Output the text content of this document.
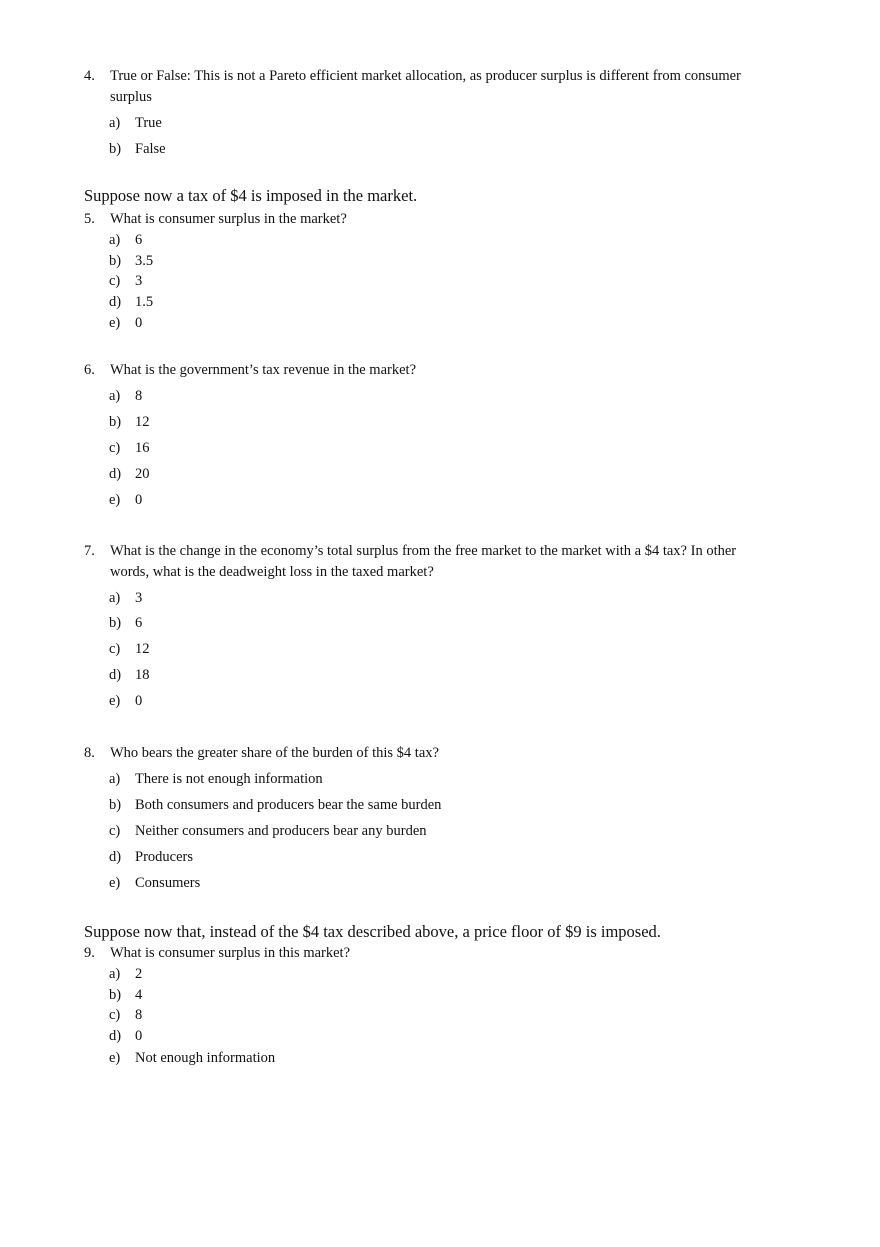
4. True or False: This is not a Pareto efficient market allocation, as producer surplus is different from consumer surplus
a) True
b) False
Suppose now a tax of $4 is imposed in the market.
5. What is consumer surplus in the market?
a) 6
b) 3.5
c) 3
d) 1.5
e) 0
6. What is the government’s tax revenue in the market?
a) 8
b) 12
c) 16
d) 20
e) 0
7. What is the change in the economy’s total surplus from the free market to the market with a $4 tax? In other words, what is the deadweight loss in the taxed market?
a) 3
b) 6
c) 12
d) 18
e) 0
8. Who bears the greater share of the burden of this $4 tax?
a) There is not enough information
b) Both consumers and producers bear the same burden
c) Neither consumers and producers bear any burden
d) Producers
e) Consumers
Suppose now that, instead of the $4 tax described above, a price floor of $9 is imposed.
9. What is consumer surplus in this market?
a) 2
b) 4
c) 8
d) 0
e) Not enough information
